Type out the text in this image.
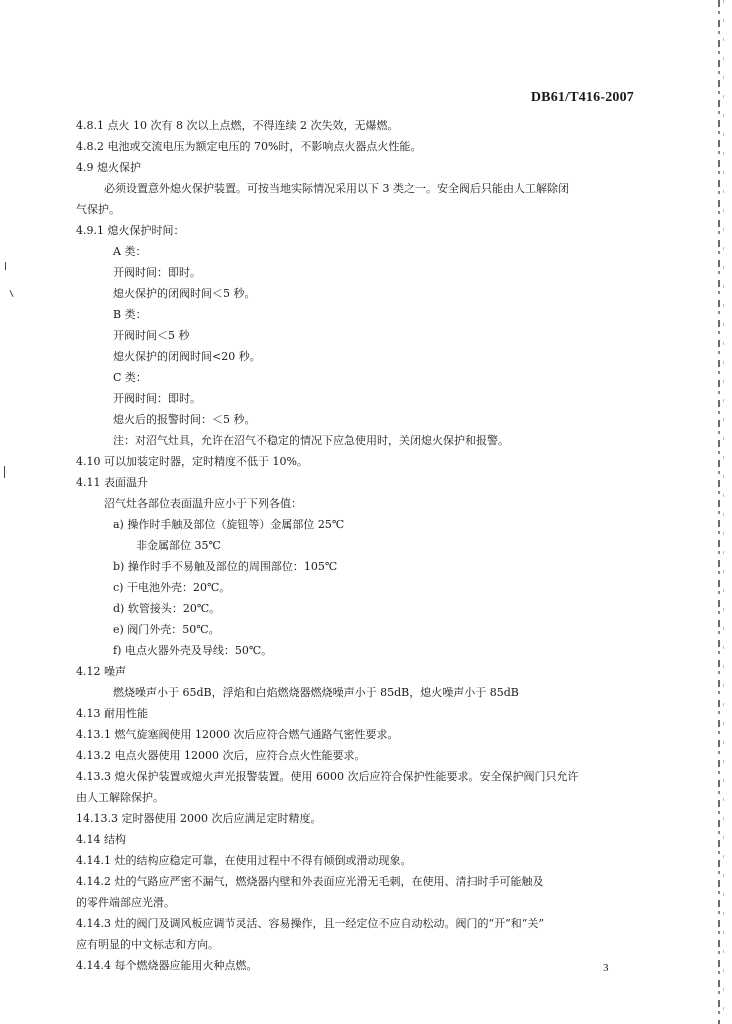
DB61/T416-2007
4.8.1 点火 10 次有 8 次以上点燃，不得连续 2 次失效，无爆燃。
4.8.2 电池或交流电压为额定电压的 70%时，不影响点火器点火性能。
4.9 熄火保护
必须设置意外熄火保护装置。可按当地实际情况采用以下 3 类之一。安全阀后只能由人工解除闭
气保护。
4.9.1 熄火保护时间：
A 类：
开阀时间：即时。
熄火保护的闭阀时间＜5 秒。
B 类：
开阀时间＜5 秒
熄火保护的闭阀时间<20 秒。
C 类：
开阀时间：即时。
熄火后的报警时间：＜5 秒。
注：对沼气灶具，允许在沼气不稳定的情况下应急使用时，关闭熄火保护和报警。
4.10 可以加装定时器，定时精度不低于 10%。
4.11 表面温升
沼气灶各部位表面温升应小于下列各值：
a) 操作时手触及部位（旋钮等）金属部位 25℃
非金属部位 35℃
b) 操作时手不易触及部位的周围部位：105℃
c) 干电池外壳：20℃。
d) 软管接头：20℃。
e) 阀门外壳：50℃。
f) 电点火器外壳及导线：50℃。
4.12 噪声
燃烧噪声小于 65dB，浮焰和白焰燃烧器燃烧噪声小于 85dB，熄火噪声小于 85dB
4.13 耐用性能
4.13.1 燃气旋塞阀使用 12000 次后应符合燃气通路气密性要求。
4.13.2 电点火器使用 12000 次后，应符合点火性能要求。
4.13.3 熄火保护装置或熄火声光报警装置。使用 6000 次后应符合保护性能要求。安全保护阀门只允许
由人工解除保护。
14.13.3 定时器使用 2000 次后应满足定时精度。
4.14 结构
4.14.1 灶的结构应稳定可靠，在使用过程中不得有倾倒或滑动现象。
4.14.2 灶的气路应严密不漏气，燃烧器内壁和外表面应光滑无毛刺，在使用、清扫时手可能触及
的零件端部应光滑。
4.14.3 灶的阀门及调风板应调节灵活、容易操作，且一经定位不应自动松动。阀门的“开”和“关”
应有明显的中文标志和方向。
4.14.4 每个燃烧器应能用火种点燃。	3
